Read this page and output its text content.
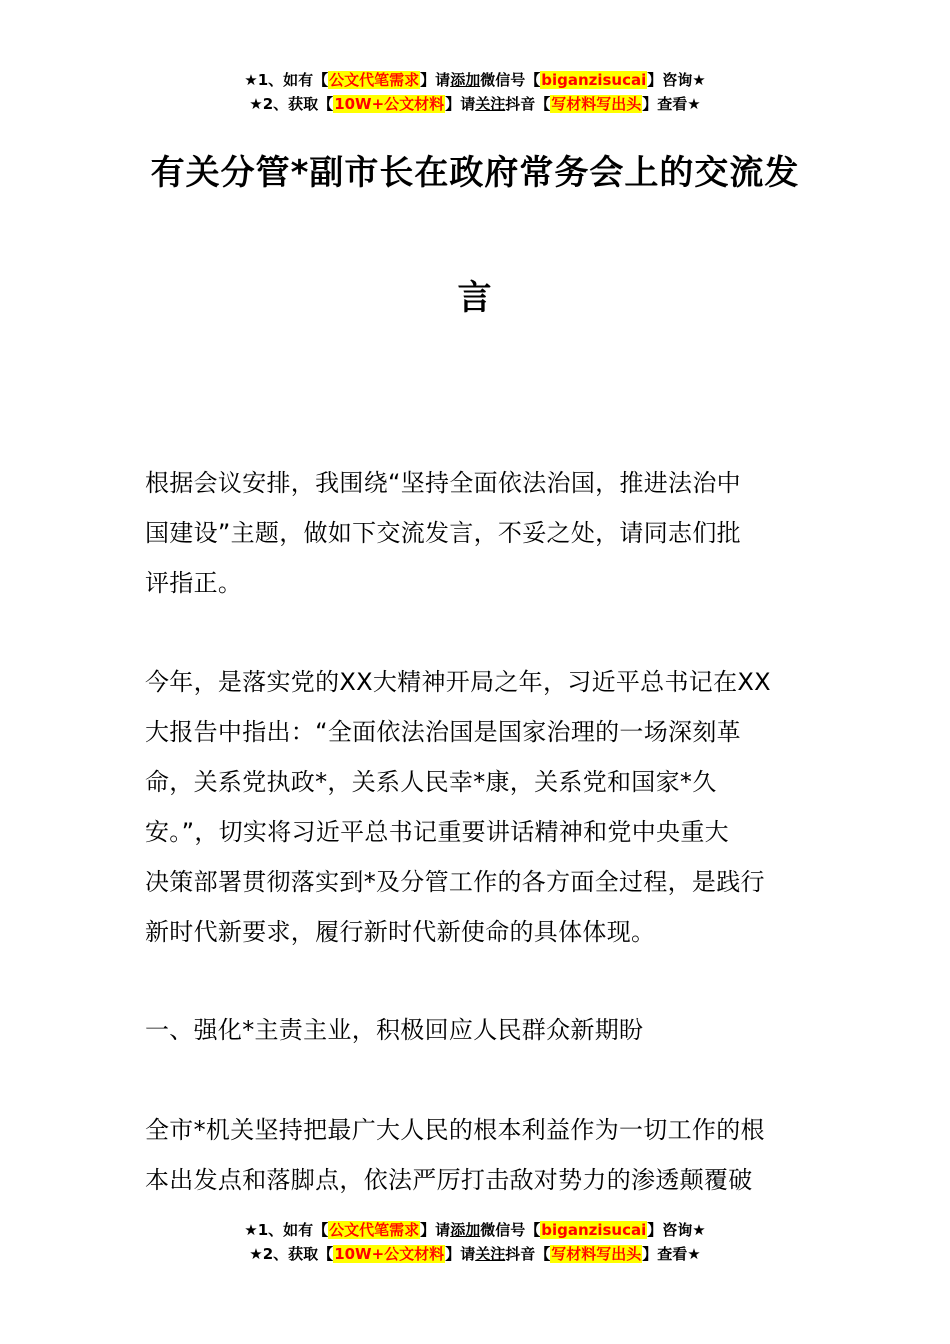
★1、如有【公文代笔需求】请添加微信号【biganzisucai】咨询★
★2、获取【10W+公文材料】请关注抖音【写材料写出头】查看★
有关分管*副市长在政府常务会上的交流发
言
根据会议安排，我围绕“坚持全面依法治国，推进法治中
国建设”主题，做如下交流发言，不妥之处，请同志们批
评指正。
今年，是落实党的XX大精神开局之年，习近平总书记在XX
大报告中指出：“全面依法治国是国家治理的一场深刻革
命，关系党执政*，关系人民幸*康，关系党和国家*久
安。”，切实将习近平总书记重要讲话精神和党中央重大
决策部署贯彻落实到*及分管工作的各方面全过程，是践行
新时代新要求，履行新时代新使命的具体体现。
一、强化*主责主业，积极回应人民群众新期盼
全市*机关坚持把最广大人民的根本利益作为一切工作的根
本出发点和落脚点，依法严厉打击敌对势力的渗透颠覆破
★1、如有【公文代笔需求】请添加微信号【biganzisucai】咨询★
★2、获取【10W+公文材料】请关注抖音【写材料写出头】查看★
